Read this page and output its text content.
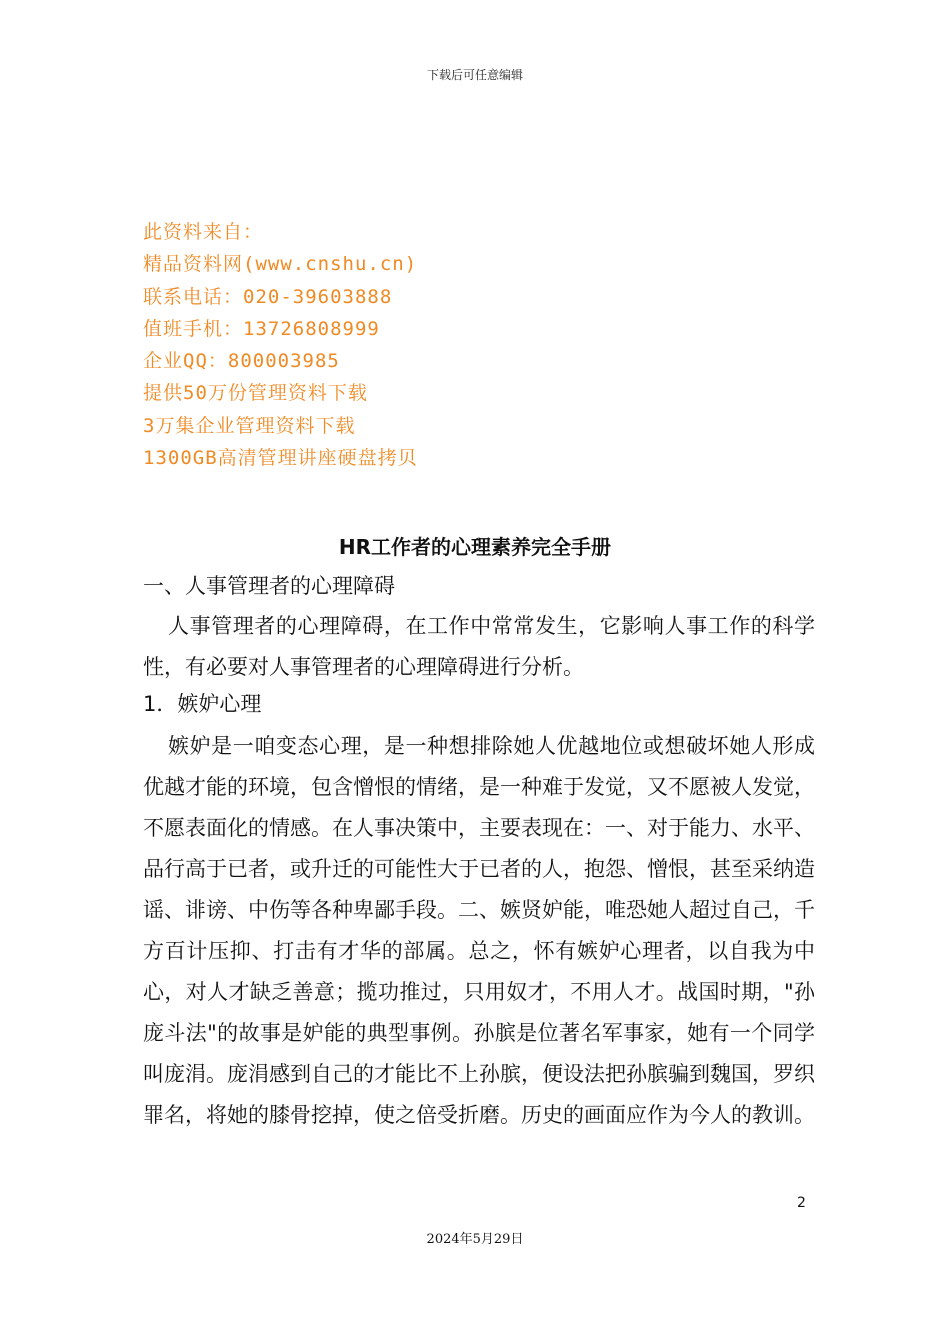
下载后可任意编辑
此资料来自：
精品资料网(www.cnshu.cn)
联系电话：020-39603888
值班手机：13726808999
企业QQ：800003985
提供50万份管理资料下载
3万集企业管理资料下载
1300GB高清管理讲座硬盘拷贝
HR工作者的心理素养完全手册
一、人事管理者的心理障碍
人事管理者的心理障碍，在工作中常常发生，它影响人事工作的科学性，有必要对人事管理者的心理障碍进行分析。
1．嫉妒心理
嫉妒是一咱变态心理，是一种想排除她人优越地位或想破坏她人形成优越才能的环境，包含憎恨的情绪，是一种难于发觉，又不愿被人发觉，不愿表面化的情感。在人事决策中，主要表现在：一、对于能力、水平、品行高于已者，或升迁的可能性大于已者的人，抱怨、憎恨，甚至采纳造谣、诽谤、中伤等各种卑鄙手段。二、嫉贤妒能，唯恐她人超过自己，千方百计压抑、打击有才华的部属。总之，怀有嫉妒心理者，以自我为中心，对人才缺乏善意；揽功推过，只用奴才，不用人才。战国时期，"孙庞斗法"的故事是妒能的典型事例。孙膑是位著名军事家，她有一个同学叫庞涓。庞涓感到自己的才能比不上孙膑，便设法把孙膑骗到魏国，罗织罪名，将她的膝骨挖掉，使之倍受折磨。历史的画面应作为今人的教训。
2
2024年5月29日
